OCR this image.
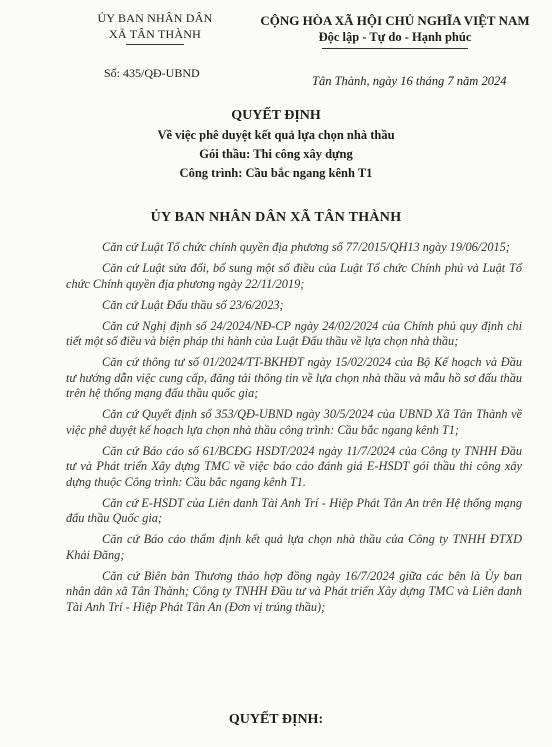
ỦY BAN NHÂN DÂN
XÃ TÂN THÀNH
CỘNG HÒA XÃ HỘI CHỦ NGHĨA VIỆT NAM
Độc lập - Tự do - Hạnh phúc
Số: 435/QĐ-UBND
Tân Thành, ngày 16 tháng 7 năm 2024
QUYẾT ĐỊNH
Về việc phê duyệt kết quả lựa chọn nhà thầu
Gói thầu: Thi công xây dựng
Công trình: Cầu bắc ngang kênh T1
ỦY BAN NHÂN DÂN XÃ TÂN THÀNH

Căn cứ Luật Tổ chức chính quyền địa phương số 77/2015/QH13 ngày 19/06/2015;

Căn cứ Luật sửa đổi, bổ sung một số điều của Luật Tổ chức Chính phủ và Luật Tổ chức Chính quyền địa phương ngày 22/11/2019;

Căn cứ Luật Đấu thầu số 23/6/2023;

Căn cứ Nghị định số 24/2024/NĐ-CP ngày 24/02/2024 của Chính phủ quy định chi tiết một số điều và biện pháp thi hành của Luật Đấu thầu về lựa chọn nhà thầu;

Căn cứ thông tư số 01/2024/TT-BKHĐT ngày 15/02/2024 của Bộ Kế hoạch và Đầu tư hướng dẫn việc cung cấp, đăng tải thông tin về lựa chọn nhà thầu và mẫu hồ sơ đấu thầu trên hệ thống mạng đấu thầu quốc gia;

Căn cứ Quyết định số 353/QĐ-UBND ngày 30/5/2024 của UBND Xã Tân Thành về việc phê duyệt kế hoạch lựa chọn nhà thầu công trình: Cầu bắc ngang kênh T1;

Căn cứ Báo cáo số 61/BCĐG HSDT/2024 ngày 11/7/2024 của Công ty TNHH Đầu tư và Phát triển Xây dựng TMC về việc báo cáo đánh giá E-HSDT gói thầu thi công xây dựng thuộc Công trình: Cầu bắc ngang kênh T1.

Căn cứ E-HSDT của Liên danh Tài Anh Trí - Hiệp Phát Tân An trên Hệ thống mạng đấu thầu Quốc gia;

Căn cứ Báo cáo thẩm định kết quả lựa chọn nhà thầu của Công ty TNHH ĐTXD Khải Đăng;

Căn cứ Biên bản Thương thảo hợp đồng ngày 16/7/2024 giữa các bên là Ủy ban nhân dân xã Tân Thành; Công ty TNHH Đầu tư và Phát triển Xây dựng TMC và Liên danh Tài Anh Trí - Hiệp Phát Tân An (Đơn vị trúng thầu);

QUYẾT ĐỊNH:
